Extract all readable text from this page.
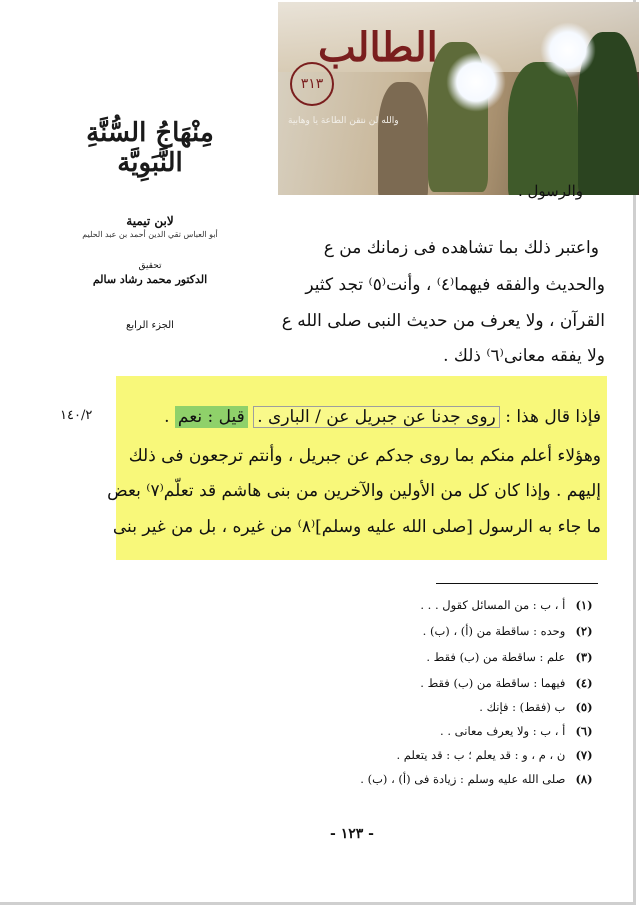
مِنْهَاجُ السُّنَّةِ النَّبَوِيَّة
لابن تيمية
أبو العباس تقي الدين أحمد بن عبد الحليم
تحقيق
الدكتور محمد رشاد سالم
الجزء الرابع
الطالب
٣١٣
والله لن نتقن الطاعة يا وهابية
والرسول .
واعتبر ذلك بما تشاهده فى زمانك من ع
والحديث والفقه فيهما⁽٤⁾ ، وأنت⁽٥⁾ تجد كثير
القرآن ، ولا يعرف من حديث النبى صلى الله ع
ولا يفقه معانى⁽٦⁾ ذلك .
فإذا قال هذا : روى جدنا عن جبريل عن / البارى . قيل : نعم .
وهؤلاء أعلم منكم بما روى جدكم عن جبريل ، وأنتم ترجعون فى ذلك
إليهم . وإذا كان كل من الأولين والآخرين من بنى هاشم قد تعلّم⁽٧⁾ بعض
ما جاء به الرسول [صلى الله عليه وسلم]⁽٨⁾ من غيره ، بل من غير بنى
١٤٠/٢
(١) أ ، ب : من المسائل كقول . . .
(٢) وحده : ساقطة من (أ) ، (ب) .
(٣) علم : ساقطة من (ب) فقط .
(٤) فيهما : ساقطة من (ب) فقط .
(٥) ب (فقط) : فإنك .
(٦) أ ، ب : ولا يعرف معانى . .
(٧) ن ، م ، و : قد يعلم ؛ ب : قد يتعلم .
(٨) صلى الله عليه وسلم : زيادة فى (أ) ، (ب) .
- ١٢٣ -
